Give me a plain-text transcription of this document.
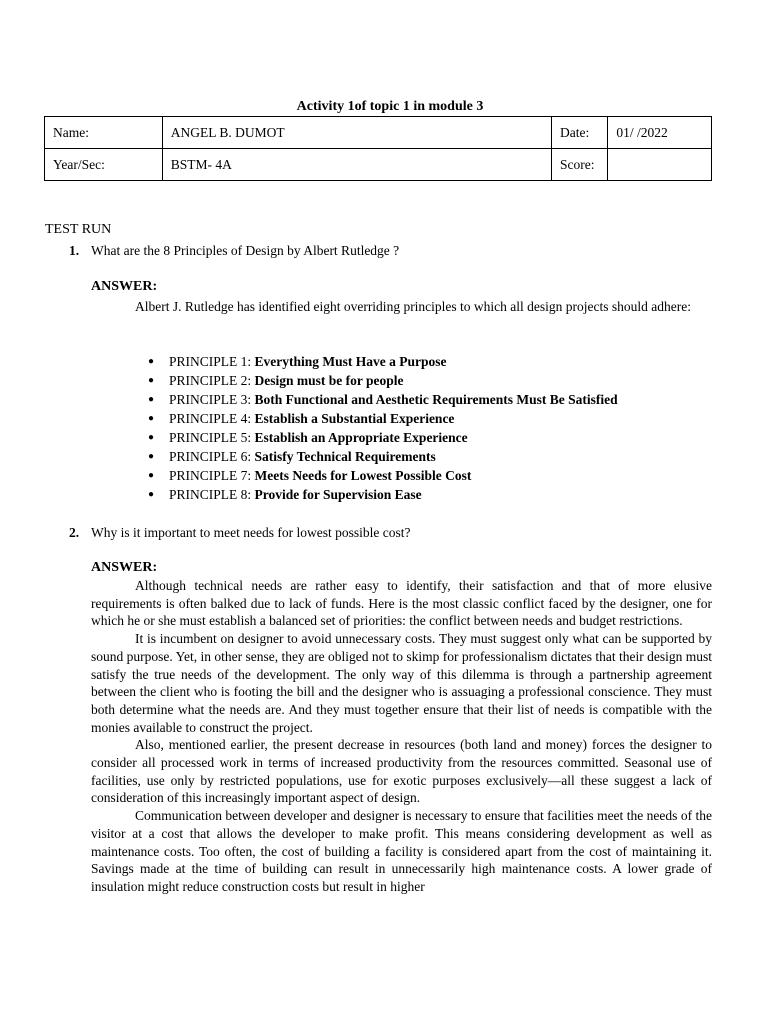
Activity 1of topic 1 in module 3
Name:	ANGEL B. DUMOT	Date:	01/ /2022
Year/Sec:	BSTM- 4A	Score:	
TEST RUN
1. What are the 8 Principles of Design by Albert Rutledge ?
ANSWER:
Albert J. Rutledge has identified eight overriding principles to which all design projects should adhere:
● PRINCIPLE 1: Everything Must Have a Purpose
● PRINCIPLE 2: Design must be for people
● PRINCIPLE 3: Both Functional and Aesthetic Requirements Must Be Satisfied
● PRINCIPLE 4: Establish a Substantial Experience
● PRINCIPLE 5: Establish an Appropriate Experience
● PRINCIPLE 6: Satisfy Technical Requirements
● PRINCIPLE 7: Meets Needs for Lowest Possible Cost
● PRINCIPLE 8: Provide for Supervision Ease
2. Why is it important to meet needs for lowest possible cost?
ANSWER:

Although technical needs are rather easy to identify, their satisfaction and that of more elusive requirements is often balked due to lack of funds. Here is the most classic conflict faced by the designer, one for which he or she must establish a balanced set of priorities: the conflict between needs and budget restrictions.

It is incumbent on designer to avoid unnecessary costs. They must suggest only what can be supported by sound purpose. Yet, in other sense, they are obliged not to skimp for professionalism dictates that their design must satisfy the true needs of the development. The only way of this dilemma is through a partnership agreement between the client who is footing the bill and the designer who is assuaging a professional conscience. They must both determine what the needs are. And they must together ensure that their list of needs is compatible with the monies available to construct the project.

Also, mentioned earlier, the present decrease in resources (both land and money) forces the designer to consider all processed work in terms of increased productivity from the resources committed. Seasonal use of facilities, use only by restricted populations, use for exotic purposes exclusively—all these suggest a lack of consideration of this increasingly important aspect of design.

Communication between developer and designer is necessary to ensure that facilities meet the needs of the visitor at a cost that allows the developer to make profit. This means considering development as well as maintenance costs. Too often, the cost of building a facility is considered apart from the cost of maintaining it. Savings made at the time of building can result in unnecessarily high maintenance costs. A lower grade of insulation might reduce construction costs but result in higher
